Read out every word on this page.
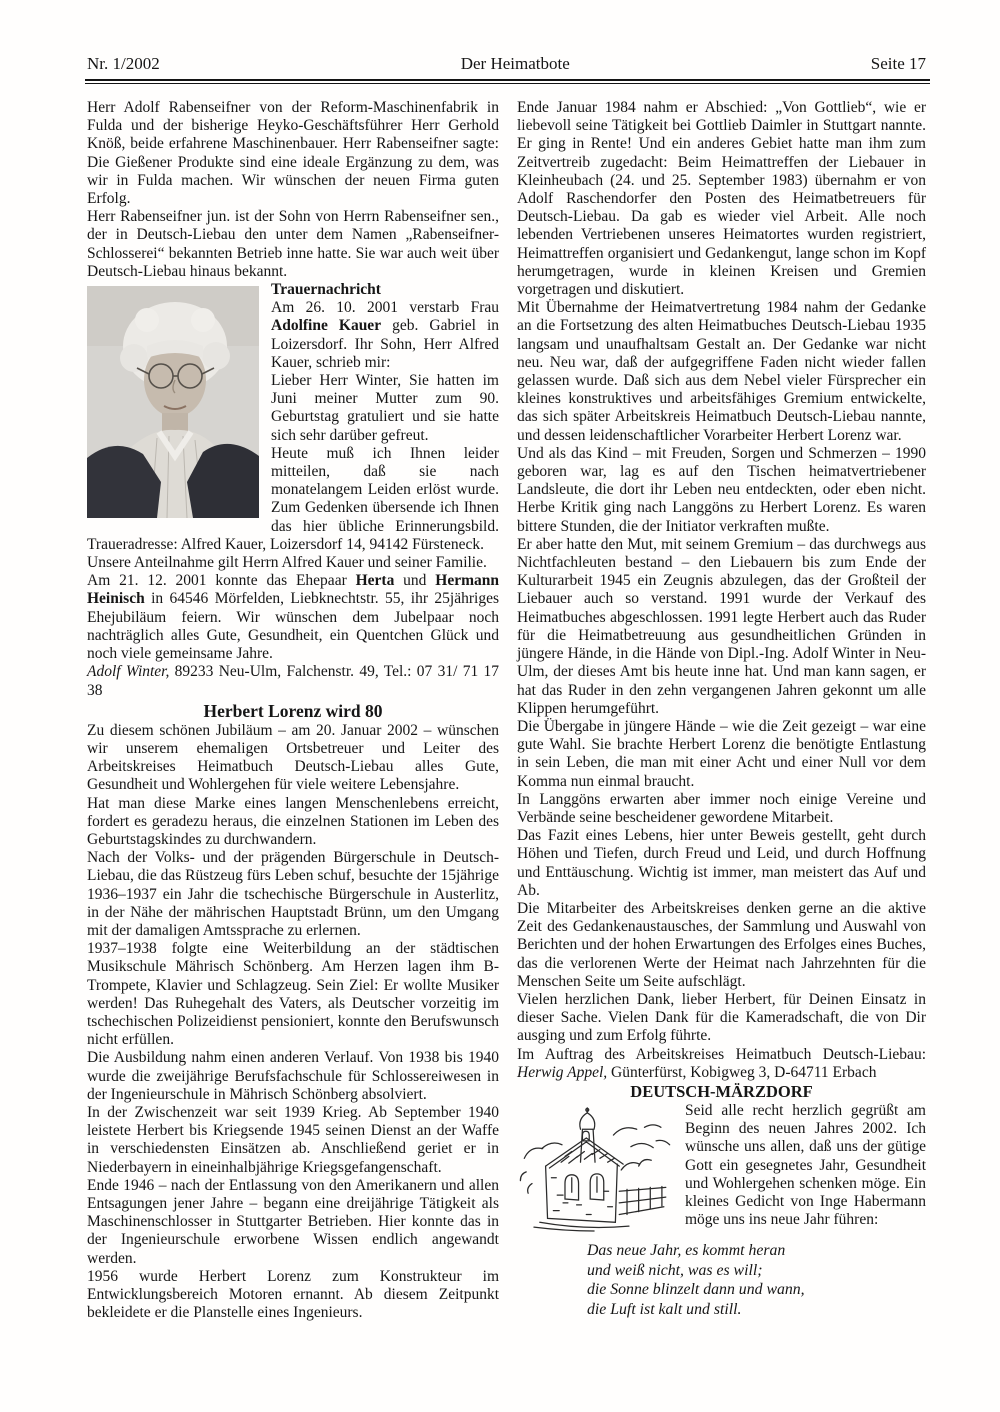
Nr. 1/2002	Der Heimatbote	Seite 17

Herr Adolf Rabenseifner von der Reform-Maschinenfabrik in Fulda und der bisherige Heyko-Geschäftsführer Herr Gerhold Knöß, beide erfahrene Maschinenbauer. Herr Rabenseifner sagte: Die Gießener Produkte sind eine ideale Ergänzung zu dem, was wir in Fulda machen. Wir wünschen der neuen Firma guten Erfolg.

Herr Rabenseifner jun. ist der Sohn von Herrn Rabenseifner sen., der in Deutsch-Liebau den unter dem Namen „Rabenseifner-Schlosserei“ bekannten Betrieb inne hatte. Sie war auch weit über Deutsch-Liebau hinaus bekannt.

Trauernachricht

Am 26. 10. 2001 verstarb Frau Adolfine Kauer geb. Gabriel in Loizersdorf. Ihr Sohn, Herr Alfred Kauer, schrieb mir:

Lieber Herr Winter, Sie hatten im Juni meiner Mutter zum 90. Geburtstag gratuliert und sie hatte sich sehr darüber gefreut.

Heute muß ich Ihnen leider mitteilen, daß sie nach monatelangem Leiden erlöst wurde. Zum Gedenken übersende ich Ihnen das hier übliche Erinnerungsbild. Traueradresse: Alfred Kauer, Loizersdorf 14, 94142 Fürsteneck.

Unsere Anteilnahme gilt Herrn Alfred Kauer und seiner Familie.

Am 21. 12. 2001 konnte das Ehepaar Herta und Hermann Heinisch in 64546 Mörfelden, Liebknechtstr. 55, ihr 25jähriges Ehejubiläum feiern. Wir wünschen dem Jubelpaar noch nachträglich alles Gute, Gesundheit, ein Quentchen Glück und noch viele gemeinsame Jahre.

Adolf Winter, 89233 Neu-Ulm, Falchenstr. 49, Tel.: 07 31/ 71 17 38

Herbert Lorenz wird 80

Zu diesem schönen Jubiläum – am 20. Januar 2002 – wünschen wir unserem ehemaligen Ortsbetreuer und Leiter des Arbeitskreises Heimatbuch Deutsch-Liebau alles Gute, Gesundheit und Wohlergehen für viele weitere Lebensjahre.

Hat man diese Marke eines langen Menschenlebens erreicht, fordert es geradezu heraus, die einzelnen Stationen im Leben des Geburtstagskindes zu durchwandern.

Nach der Volks- und der prägenden Bürgerschule in Deutsch-Liebau, die das Rüstzeug fürs Leben schuf, besuchte der 15jährige 1936–1937 ein Jahr die tschechische Bürgerschule in Austerlitz, in der Nähe der mährischen Hauptstadt Brünn, um den Umgang mit der damaligen Amtssprache zu erlernen.

1937–1938 folgte eine Weiterbildung an der städtischen Musikschule Mährisch Schönberg. Am Herzen lagen ihm B-Trompete, Klavier und Schlagzeug. Sein Ziel: Er wollte Musiker werden! Das Ruhegehalt des Vaters, als Deutscher vorzeitig im tschechischen Polizeidienst pensioniert, konnte den Berufswunsch nicht erfüllen.

Die Ausbildung nahm einen anderen Verlauf. Von 1938 bis 1940 wurde die zweijährige Berufsfachschule für Schlossereiwesen in der Ingenieurschule in Mährisch Schönberg absolviert.

In der Zwischenzeit war seit 1939 Krieg. Ab September 1940 leistete Herbert bis Kriegsende 1945 seinen Dienst an der Waffe in verschiedensten Einsätzen ab. Anschließend geriet er in Niederbayern in eineinhalbjährige Kriegsgefangenschaft.

Ende 1946 – nach der Entlassung von den Amerikanern und allen Entsagungen jener Jahre – begann eine dreijährige Tätigkeit als Maschinenschlosser in Stuttgarter Betrieben. Hier konnte das in der Ingenieurschule erworbene Wissen endlich angewandt werden.

1956 wurde Herbert Lorenz zum Konstrukteur im Entwicklungsbereich Motoren ernannt. Ab diesem Zeitpunkt bekleidete er die Planstelle eines Ingenieurs.

Ende Januar 1984 nahm er Abschied: „Von Gottlieb“, wie er liebevoll seine Tätigkeit bei Gottlieb Daimler in Stuttgart nannte. Er ging in Rente! Und ein anderes Gebiet hatte man ihm zum Zeitvertreib zugedacht: Beim Heimattreffen der Liebauer in Kleinheubach (24. und 25. September 1983) übernahm er von Adolf Raschendorfer den Posten des Heimatbetreuers für Deutsch-Liebau. Da gab es wieder viel Arbeit. Alle noch lebenden Vertriebenen unseres Heimatortes wurden registriert, Heimattreffen organisiert und Gedankengut, lange schon im Kopf herumgetragen, wurde in kleinen Kreisen und Gremien vorgetragen und diskutiert.

Mit Übernahme der Heimatvertretung 1984 nahm der Gedanke an die Fortsetzung des alten Heimatbuches Deutsch-Liebau 1935 langsam und unaufhaltsam Gestalt an. Der Gedanke war nicht neu. Neu war, daß der aufgegriffene Faden nicht wieder fallen gelassen wurde. Daß sich aus dem Nebel vieler Fürsprecher ein kleines konstruktives und arbeitsfähiges Gremium entwickelte, das sich später Arbeitskreis Heimatbuch Deutsch-Liebau nannte, und dessen leidenschaftlicher Vorarbeiter Herbert Lorenz war.

Und als das Kind – mit Freuden, Sorgen und Schmerzen – 1990 geboren war, lag es auf den Tischen heimatvertriebener Landsleute, die dort ihr Leben neu entdeckten, oder eben nicht. Herbe Kritik ging nach Langgöns zu Herbert Lorenz. Es waren bittere Stunden, die der Initiator verkraften mußte.

Er aber hatte den Mut, mit seinem Gremium – das durchwegs aus Nichtfachleuten bestand – den Liebauern bis zum Ende der Kulturarbeit 1945 ein Zeugnis abzulegen, das der Großteil der Liebauer auch so verstand. 1991 wurde der Verkauf des Heimatbuches abgeschlossen. 1991 legte Herbert auch das Ruder für die Heimatbetreuung aus gesundheitlichen Gründen in jüngere Hände, in die Hände von Dipl.-Ing. Adolf Winter in Neu-Ulm, der dieses Amt bis heute inne hat. Und man kann sagen, er hat das Ruder in den zehn vergangenen Jahren gekonnt um alle Klippen herumgeführt.

Die Übergabe in jüngere Hände – wie die Zeit gezeigt – war eine gute Wahl. Sie brachte Herbert Lorenz die benötigte Entlastung in sein Leben, die man mit einer Acht und einer Null vor dem Komma nun einmal braucht.

In Langgöns erwarten aber immer noch einige Vereine und Verbände seine bescheidener gewordene Mitarbeit.

Das Fazit eines Lebens, hier unter Beweis gestellt, geht durch Höhen und Tiefen, durch Freud und Leid, und durch Hoffnung und Enttäuschung. Wichtig ist immer, man meistert das Auf und Ab.

Die Mitarbeiter des Arbeitskreises denken gerne an die aktive Zeit des Gedankenaustausches, der Sammlung und Auswahl von Berichten und der hohen Erwartungen des Erfolges eines Buches, das die verlorenen Werte der Heimat nach Jahrzehnten für die Menschen Seite um Seite aufschlägt.

Vielen herzlichen Dank, lieber Herbert, für Deinen Einsatz in dieser Sache. Vielen Dank für die Kameradschaft, die von Dir ausging und zum Erfolg führte.

Im Auftrag des Arbeitskreises Heimatbuch Deutsch-Liebau: Herwig Appel, Günterfürst, Kobigweg 3, D-64711 Erbach

DEUTSCH-MÄRZDORF

Seid alle recht herzlich gegrüßt am Beginn des neuen Jahres 2002. Ich wünsche uns allen, daß uns der gütige Gott ein gesegnetes Jahr, Gesundheit und Wohlergehen schenken möge. Ein kleines Gedicht von Inge Habermann möge uns ins neue Jahr führen:

Das neue Jahr, es kommt heran
und weiß nicht, was es will;
die Sonne blinzelt dann und wann,
die Luft ist kalt und still.
